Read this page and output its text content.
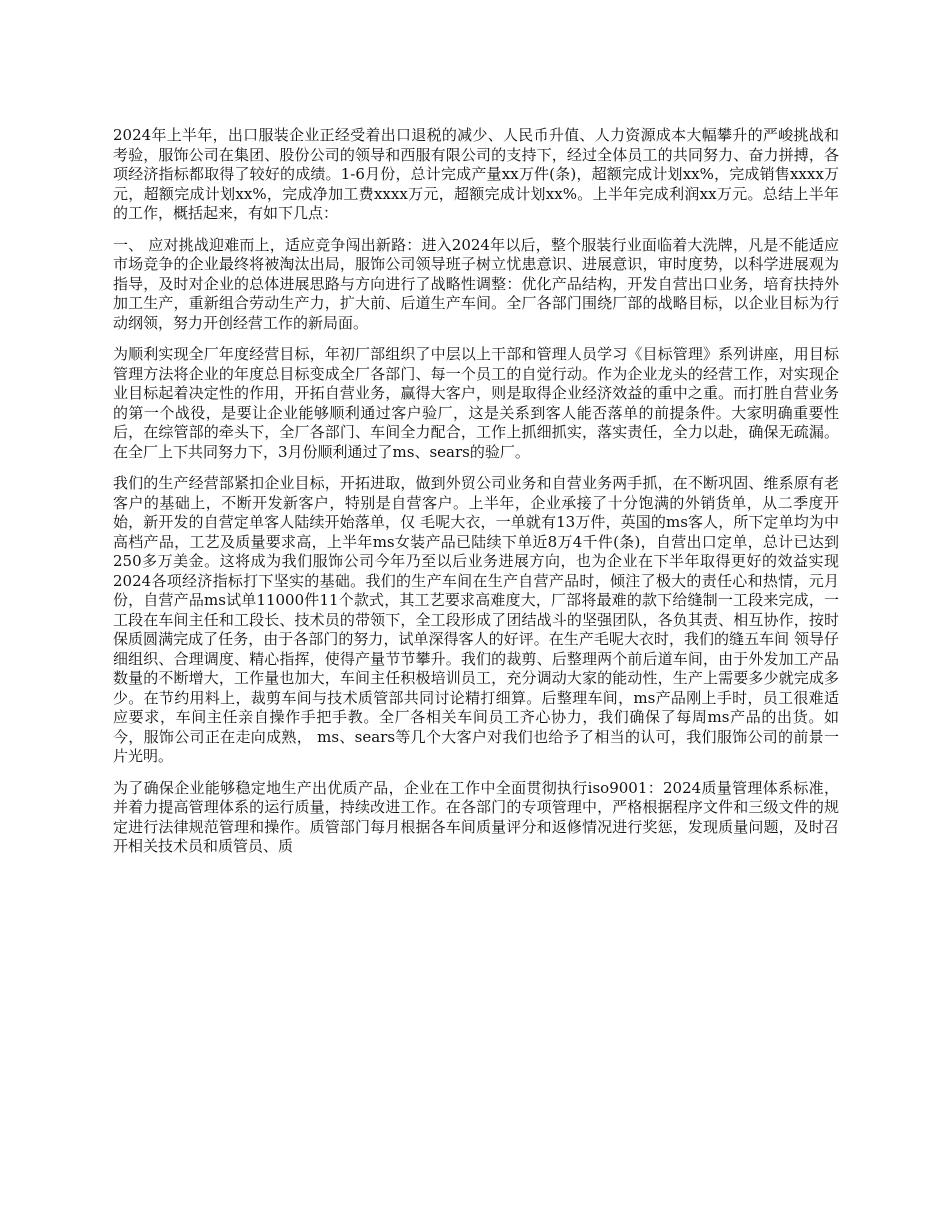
2024年上半年，出口服装企业正经受着出口退税的减少、人民币升值、人力资源成本大幅攀升的严峻挑战和考验，服饰公司在集团、股份公司的领导和西服有限公司的支持下，经过全体员工的共同努力、奋力拼搏，各项经济指标都取得了较好的成绩。1-6月份，总计完成产量xx万件(条)，超额完成计划xx%，完成销售xxxx万元，超额完成计划xx%，完成净加工费xxxx万元，超额完成计划xx%。上半年完成利润xx万元。总结上半年的工作，概括起来，有如下几点：

一、 应对挑战迎难而上，适应竞争闯出新路：进入2024年以后，整个服装行业面临着大洗牌，凡是不能适应市场竞争的企业最终将被淘汰出局，服饰公司领导班子树立忧患意识、进展意识，审时度势，以科学进展观为指导，及时对企业的总体进展思路与方向进行了战略性调整：优化产品结构，开发自营出口业务，培育扶持外加工生产，重新组合劳动生产力，扩大前、后道生产车间。全厂各部门围绕厂部的战略目标，以企业目标为行动纲领，努力开创经营工作的新局面。

为顺利实现全厂年度经营目标，年初厂部组织了中层以上干部和管理人员学习《目标管理》系列讲座，用目标管理方法将企业的年度总目标变成全厂各部门、每一个员工的自觉行动。作为企业龙头的经营工作，对实现企业目标起着决定性的作用，开拓自营业务，赢得大客户，则是取得企业经济效益的重中之重。而打胜自营业务的第一个战役，是要让企业能够顺利通过客户验厂，这是关系到客人能否落单的前提条件。大家明确重要性后，在综管部的牵头下，全厂各部门、车间全力配合，工作上抓细抓实，落实责任，全力以赴，确保无疏漏。在全厂上下共同努力下，3月份顺利通过了ms、sears的验厂。

我们的生产经营部紧扣企业目标，开拓进取，做到外贸公司业务和自营业务两手抓，在不断巩固、维系原有老客户的基础上，不断开发新客户，特别是自营客户。上半年，企业承接了十分饱满的外销货单，从二季度开始，新开发的自营定单客人陆续开始落单，仅 毛呢大衣，一单就有13万件，英国的ms客人，所下定单均为中高档产品，工艺及质量要求高，上半年ms女装产品已陆续下单近8万4千件(条)，自营出口定单，总计已达到250多万美金。这将成为我们服饰公司今年乃至以后业务进展方向，也为企业在下半年取得更好的效益实现2024各项经济指标打下坚实的基础。我们的生产车间在生产自营产品时，倾注了极大的责任心和热情，元月份，自营产品ms试单11000件11个款式，其工艺要求高难度大，厂部将最难的款下给缝制一工段来完成，一工段在车间主任和工段长、技术员的带领下，全工段形成了团结战斗的坚强团队，各负其责、相互协作，按时保质圆满完成了任务，由于各部门的努力，试单深得客人的好评。在生产毛呢大衣时，我们的缝五车间 领导仔细组织、合理调度、精心指挥，使得产量节节攀升。我们的裁剪、后整理两个前后道车间，由于外发加工产品数量的不断增大，工作量也加大，车间主任积极培训员工，充分调动大家的能动性，生产上需要多少就完成多少。在节约用料上，裁剪车间与技术质管部共同讨论精打细算。后整理车间，ms产品刚上手时，员工很难适应要求，车间主任亲自操作手把手教。全厂各相关车间员工齐心协力，我们确保了每周ms产品的出货。如今，服饰公司正在走向成熟， ms、sears等几个大客户对我们也给予了相当的认可，我们服饰公司的前景一片光明。

为了确保企业能够稳定地生产出优质产品，企业在工作中全面贯彻执行iso9001：2024质量管理体系标准，并着力提高管理体系的运行质量，持续改进工作。在各部门的专项管理中，严格根据程序文件和三级文件的规定进行法律规范管理和操作。质管部门每月根据各车间质量评分和返修情况进行奖惩，发现质量问题，及时召开相关技术员和质管员、质
